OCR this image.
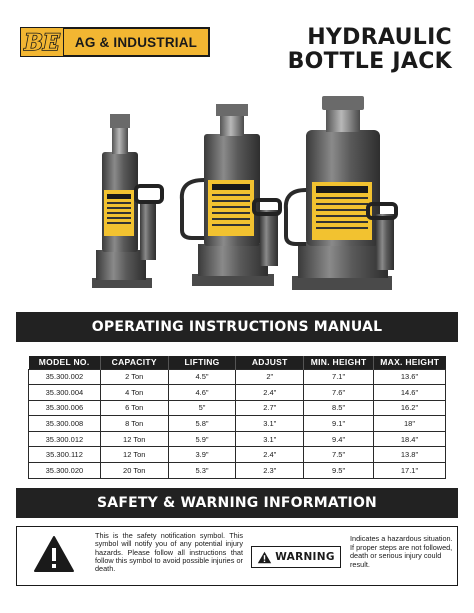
BE AG & INDUSTRIAL	HYDRAULIC
BOTTLE JACK
OPERATING INSTRUCTIONS MANUAL
MODEL NO.	CAPACITY	LIFTING	ADJUST	MIN. HEIGHT	MAX. HEIGHT
35.300.002	2 Ton	4.5"	2"	7.1"	13.6"
35.300.004	4 Ton	4.6"	2.4"	7.6"	14.6"
35.300.006	6 Ton	5"	2.7"	8.5"	16.2"
35.300.008	8 Ton	5.8"	3.1"	9.1"	18"
35.300.012	12 Ton	5.9"	3.1"	9.4"	18.4"
35.300.112	12 Ton	3.9"	2.4"	7.5"	13.8"
35.300.020	20 Ton	5.3"	2.3"	9.5"	17.1"
SAFETY & WARNING INFORMATION

This is the safety notification symbol. This symbol will notify you of any potential injury hazards. Please follow all instructions that follow this symbol to avoid possible injuries or death.

WARNING

Indicates a hazardous situation. If proper steps are not followed, death or serious injury could result.
